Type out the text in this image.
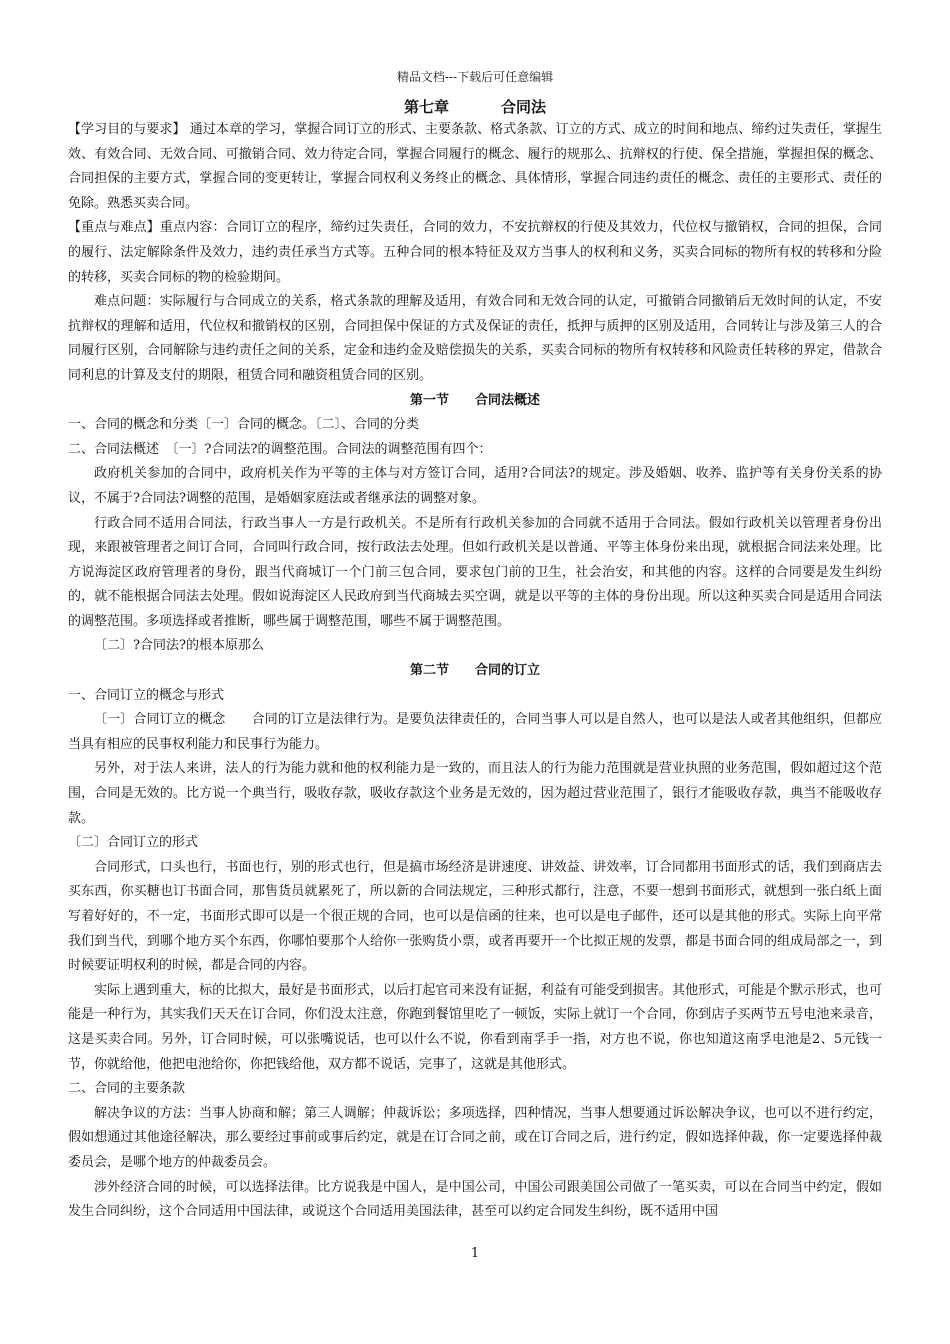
精品文档---下载后可任意编辑
第七章	合同法

【学习目的与要求】 通过本章的学习，掌握合同订立的形式、主要条款、格式条款、订立的方式、成立的时间和地点、缔约过失责任，掌握生效、有效合同、无效合同、可撤销合同、效力待定合同，掌握合同履行的概念、履行的规那么、抗辩权的行使、保全措施，掌握担保的概念、合同担保的主要方式，掌握合同的变更转让，掌握合同权利义务终止的概念、具体情形，掌握合同违约责任的概念、责任的主要形式、责任的免除。熟悉买卖合同。

【重点与难点】重点内容：合同订立的程序，缔约过失责任，合同的效力，不安抗辩权的行使及其效力，代位权与撤销权，合同的担保，合同的履行、法定解除条件及效力，违约责任承当方式等。五种合同的根本特征及双方当事人的权利和义务，买卖合同标的物所有权的转移和分险的转移，买卖合同标的物的检验期间。

难点问题：实际履行与合同成立的关系，格式条款的理解及适用，有效合同和无效合同的认定，可撤销合同撤销后无效时间的认定，不安抗辩权的理解和适用，代位权和撤销权的区别，合同担保中保证的方式及保证的责任，抵押与质押的区别及适用，合同转让与涉及第三人的合同履行区别，合同解除与违约责任之间的关系，定金和违约金及赔偿损失的关系，买卖合同标的物所有权转移和风险责任转移的界定，借款合同利息的计算及支付的期限，租赁合同和融资租赁合同的区别。

第一节 合同法概述

一、合同的概念和分类〔一〕合同的概念。〔二〕、合同的分类

二、合同法概述　〔一〕?合同法?的调整范围。合同法的调整范围有四个：

政府机关参加的合同中，政府机关作为平等的主体与对方签订合同，适用?合同法?的规定。涉及婚姻、收养、监护等有关身份关系的协议，不属于?合同法?调整的范围，是婚姻家庭法或者继承法的调整对象。

行政合同不适用合同法，行政当事人一方是行政机关。不是所有行政机关参加的合同就不适用于合同法。假如行政机关以管理者身份出现，来跟被管理者之间订合同，合同叫行政合同，按行政法去处理。但如行政机关是以普通、平等主体身份来出现，就根据合同法来处理。比方说海淀区政府管理者的身份，跟当代商城订一个门前三包合同，要求包门前的卫生，社会治安，和其他的内容。这样的合同要是发生纠纷的，就不能根据合同法去处理。假如说海淀区人民政府到当代商城去买空调，就是以平等的主体的身份出现。所以这种买卖合同是适用合同法的调整范围。多项选择或者推断，哪些属于调整范围，哪些不属于调整范围。

〔二〕?合同法?的根本原那么

第二节 合同的订立

一、合同订立的概念与形式

〔一〕合同订立的概念　　合同的订立是法律行为。是要负法律责任的，合同当事人可以是自然人，也可以是法人或者其他组织，但都应当具有相应的民事权利能力和民事行为能力。

另外，对于法人来讲，法人的行为能力就和他的权利能力是一致的，而且法人的行为能力范围就是营业执照的业务范围，假如超过这个范围，合同是无效的。比方说一个典当行，吸收存款，吸收存款这个业务是无效的，因为超过营业范围了，银行才能吸收存款，典当不能吸收存款。

〔二〕合同订立的形式

合同形式，口头也行，书面也行，别的形式也行，但是搞市场经济是讲速度、讲效益、讲效率，订合同都用书面形式的话，我们到商店去买东西，你买糖也订书面合同，那售货员就累死了，所以新的合同法规定，三种形式都行，注意，不要一想到书面形式，就想到一张白纸上面写着好好的，不一定，书面形式即可以是一个很正规的合同，也可以是信函的往来，也可以是电子邮件，还可以是其他的形式。实际上向平常我们到当代，到哪个地方买个东西，你哪怕要那个人给你一张购货小票，或者再要开一个比拟正规的发票，都是书面合同的组成局部之一，到时候要证明权利的时候，都是合同的内容。

实际上遇到重大，标的比拟大，最好是书面形式，以后打起官司来没有证据，利益有可能受到损害。其他形式，可能是个默示形式，也可能是一种行为，其实我们天天在订合同，你们没太注意，你跑到餐馆里吃了一顿饭，实际上就订一个合同，你到店子买两节五号电池来录音，这是买卖合同。另外，订合同时候，可以张嘴说话，也可以什么不说，你看到南孚手一指，对方也不说，你也知道这南孚电池是2、5元钱一节，你就给他，他把电池给你，你把钱给他，双方都不说话，完事了，这就是其他形式。

二、合同的主要条款

解决争议的方法：当事人协商和解；第三人调解；仲裁诉讼；多项选择，四种情况，当事人想要通过诉讼解决争议，也可以不进行约定，假如想通过其他途径解决，那么要经过事前或事后约定，就是在订合同之前，或在订合同之后，进行约定，假如选择仲裁，你一定要选择仲裁委员会，是哪个地方的仲裁委员会。

涉外经济合同的时候，可以选择法律。比方说我是中国人，是中国公司，中国公司跟美国公司做了一笔买卖，可以在合同当中约定，假如发生合同纠纷，这个合同适用中国法律，或说这个合同适用美国法律，甚至可以约定合同发生纠纷，既不适用中国

1
